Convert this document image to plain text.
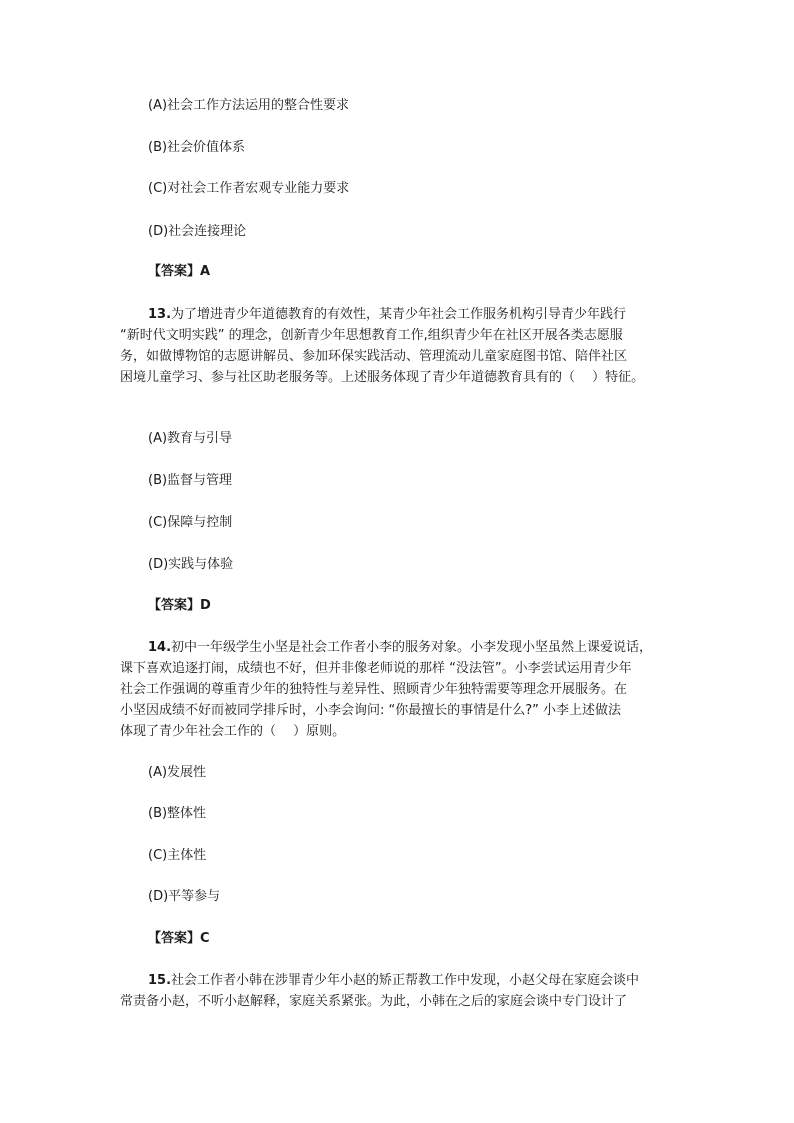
(A)社会工作方法运用的整合性要求
(B)社会价值体系
(C)对社会工作者宏观专业能力要求
(D)社会连接理论
【答案】A
13.为了增进青少年道德教育的有效性，某青少年社会工作服务机构引导青少年践行
“新时代文明实践” 的理念，创新青少年思想教育工作,组织青少年在社区开展各类志愿服
务，如做博物馆的志愿讲解员、参加环保实践活动、管理流动儿童家庭图书馆、陪伴社区
困境儿童学习、参与社区助老服务等。上述服务体现了青少年道德教育具有的（　 ）特征。
(A)教育与引导
(B)监督与管理
(C)保障与控制
(D)实践与体验
【答案】D
14.初中一年级学生小坚是社会工作者小李的服务对象。小李发现小坚虽然上课爱说话，
课下喜欢追逐打闹，成绩也不好，但并非像老师说的那样 “没法管”。小李尝试运用青少年
社会工作强调的尊重青少年的独特性与差异性、照顾青少年独特需要等理念开展服务。在
小坚因成绩不好而被同学排斥时，小李会询问: “你最擅长的事情是什么?” 小李上述做法
体现了青少年社会工作的（　 ）原则。
(A)发展性
(B)整体性
(C)主体性
(D)平等参与
【答案】C
15.社会工作者小韩在涉罪青少年小赵的矫正帮教工作中发现，小赵父母在家庭会谈中
常责备小赵，不听小赵解释，家庭关系紧张。为此，小韩在之后的家庭会谈中专门设计了
